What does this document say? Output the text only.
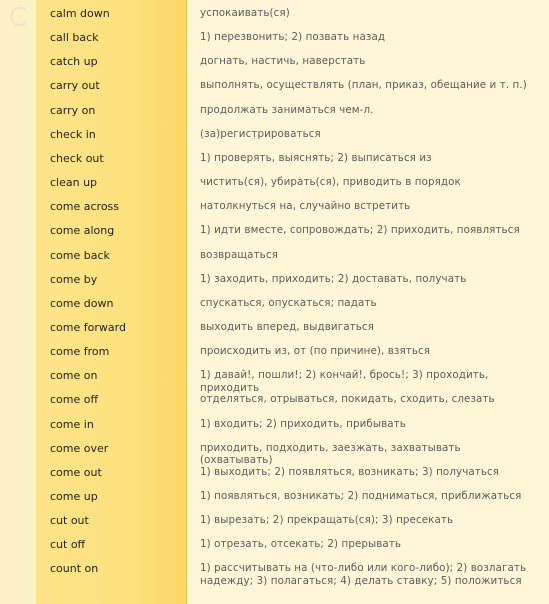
C	calm down	успокаивать(ся)
call back	1) перезвонить; 2) позвать назад
catch up	догнать, настичь, наверстать
carry out	выполнять, осуществлять (план, приказ, обещание и т. п.)
carry on	продолжать заниматься чем-л.
check in	(за)регистрироваться
check out	1) проверять, выяснять; 2) выписаться из
clean up	чистить(ся), убирать(ся), приводить в порядок
come across	натолкнуться на, случайно встретить
come along	1) идти вместе, сопровождать; 2) приходить, появляться
come back	возвращаться
come by	1) заходить, приходить; 2) доставать, получать
come down	спускаться, опускаться; падать
come forward	выходить вперед, выдвигаться
come from	происходить из, от (по причине), взяться
come on	1) давай!, пошли!; 2) кончай!, брось!; 3) проходить, приходить
come off	отделяться, отрываться, покидать, сходить, слезать
come in	1) входить; 2) приходить, прибывать
come over	приходить, подходить, заезжать, захватывать (охватывать)
come out	1) выходить; 2) появляться, возникать; 3) получаться
come up	1) появляться, возникать; 2) подниматься, приближаться
cut out	1) вырезать; 2) прекращать(ся); 3) пресекать
cut off	1) отрезать, отсекать; 2) прерывать
count on	1) рассчитывать на (что-либо или кого-либо); 2) возлагать надежду; 3) полагаться; 4) делать ставку; 5) положиться
